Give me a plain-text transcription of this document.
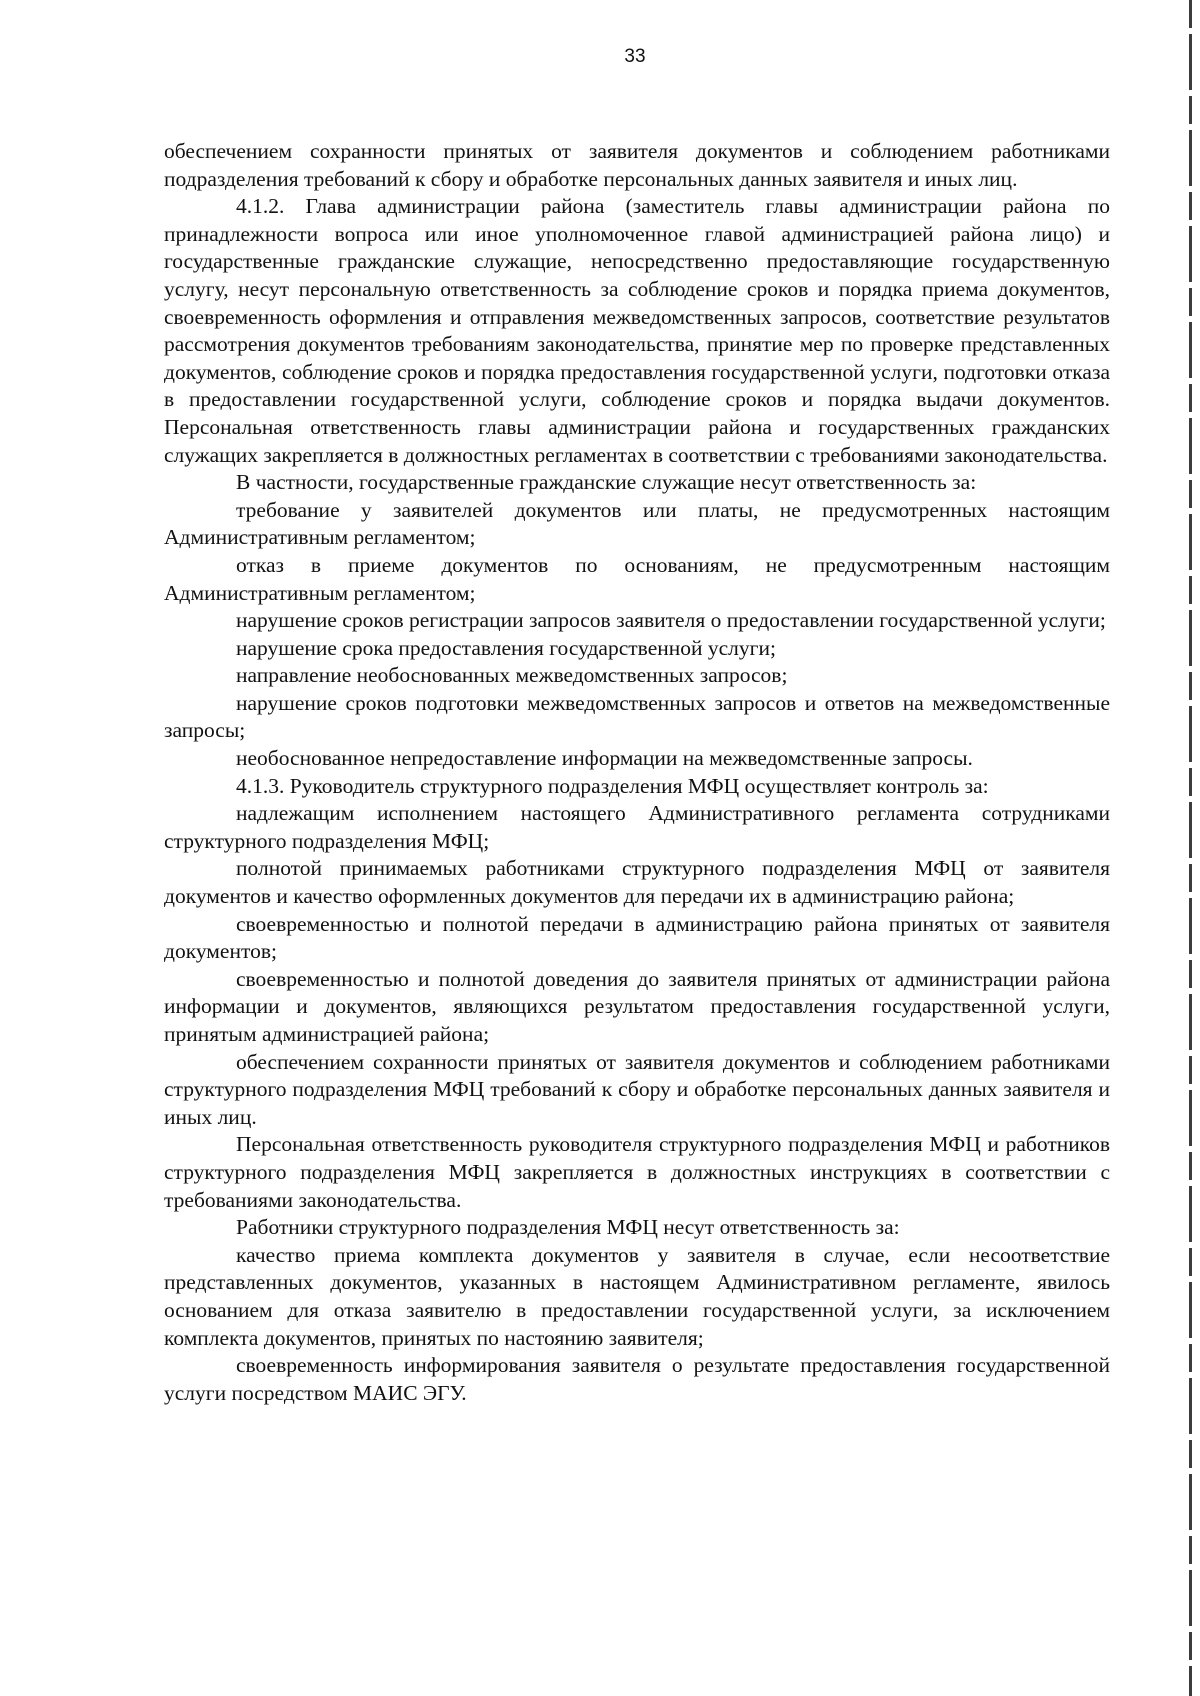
33

обеспечением сохранности принятых от заявителя документов и соблюдением работниками подразделения требований к сбору и обработке персональных данных заявителя и иных лиц.

4.1.2. Глава администрации района (заместитель главы администрации района по принадлежности вопроса или иное уполномоченное главой администрацией района лицо) и государственные гражданские служащие, непосредственно предоставляющие государственную услугу, несут персональную ответственность за соблюдение сроков и порядка приема документов, своевременность оформления и отправления межведомственных запросов, соответствие результатов рассмотрения документов требованиям законодательства, принятие мер по проверке представленных документов, соблюдение сроков и порядка предоставления государственной услуги, подготовки отказа в предоставлении государственной услуги, соблюдение сроков и порядка выдачи документов. Персональная ответственность главы администрации района и государственных гражданских служащих закрепляется в должностных регламентах в соответствии с требованиями законодательства.

В частности, государственные гражданские служащие несут ответственность за:

требование у заявителей документов или платы, не предусмотренных настоящим Административным регламентом;

отказ в приеме документов по основаниям, не предусмотренным настоящим Административным регламентом;

нарушение сроков регистрации запросов заявителя о предоставлении государственной услуги;

нарушение срока предоставления государственной услуги;

направление необоснованных межведомственных запросов;

нарушение сроков подготовки межведомственных запросов и ответов на межведомственные запросы;

необоснованное непредоставление информации на межведомственные запросы.

4.1.3. Руководитель структурного подразделения МФЦ осуществляет контроль за:

надлежащим исполнением настоящего Административного регламента сотрудниками структурного подразделения МФЦ;

полнотой принимаемых работниками структурного подразделения МФЦ от заявителя документов и качество оформленных документов для передачи их в администрацию района;

своевременностью и полнотой передачи в администрацию района принятых от заявителя документов;

своевременностью и полнотой доведения до заявителя принятых от администрации района информации и документов, являющихся результатом предоставления государственной услуги, принятым администрацией района;

обеспечением сохранности принятых от заявителя документов и соблюдением работниками структурного подразделения МФЦ требований к сбору и обработке персональных данных заявителя и иных лиц.

Персональная ответственность руководителя структурного подразделения МФЦ и работников структурного подразделения МФЦ закрепляется в должностных инструкциях в соответствии с требованиями законодательства.

Работники структурного подразделения МФЦ несут ответственность за:

качество приема комплекта документов у заявителя в случае, если несоответствие представленных документов, указанных в настоящем Административном регламенте, явилось основанием для отказа заявителю в предоставлении государственной услуги, за исключением комплекта документов, принятых по настоянию заявителя;

своевременность информирования заявителя о результате предоставления государственной услуги посредством МАИС ЭГУ.
